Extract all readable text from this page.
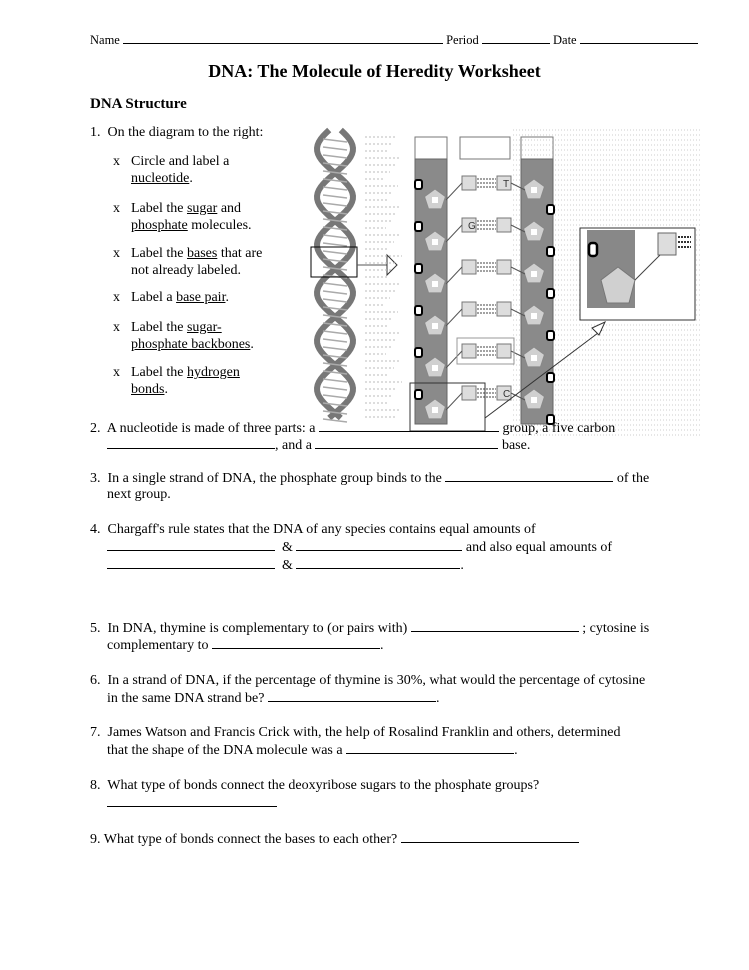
Name	Period	Date
DNA: The Molecule of Heredity Worksheet
DNA Structure
1. On the diagram to the right:
x Circle and label a
nucleotide.
x Label the sugar and
phosphate molecules.
x Label the bases that are
not already labeled.
x Label a base pair.
x Label the sugar-
phosphate backbones.
x Label the hydrogen
bonds.
T
G
C
2. A nucleotide is made of three parts: a	group, a five carbon
, and a	base.
3. In a single strand of DNA, the phosphate group binds to the	of the
next group.
4. Chargaff's rule states that the DNA of any species contains equal amounts of
&	and also equal amounts of
&	.
5. In DNA, thymine is complementary to (or pairs with)	; cytosine is
complementary to	.
6. In a strand of DNA, if the percentage of thymine is 30%, what would the percentage of cytosine
in the same DNA strand be?	.
7. James Watson and Francis Crick with, the help of Rosalind Franklin and others, determined
that the shape of the DNA molecule was a	.
8. What type of bonds connect the deoxyribose sugars to the phosphate groups?
9. What type of bonds connect the bases to each other?
